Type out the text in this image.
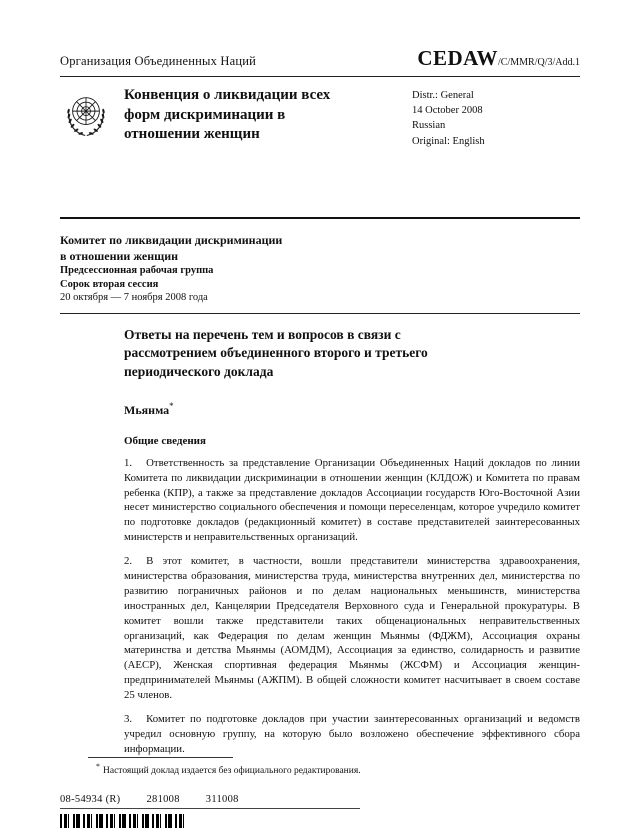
Организация Объединенных Наций	CEDAW/C/MMR/Q/3/Add.1
Конвенция о ликвидации всех форм дискриминации в отношении женщин
Distr.: General
14 October 2008
Russian
Original: English
Комитет по ликвидации дискриминации
в отношении женщин
Предсессионная рабочая группа
Сорок вторая сессия
20 октября — 7 ноября 2008 года
Ответы на перечень тем и вопросов в связи с рассмотрением объединенного второго и третьего периодического доклада

Мьянма*

Общие сведения

1. Ответственность за представление Организации Объединенных Наций докладов по линии Комитета по ликвидации дискриминации в отношении женщин (КЛДОЖ) и Комитета по правам ребенка (КПР), а также за представление докладов Ассоциации государств Юго-Восточной Азии несет министерство социального обеспечения и помощи переселенцам, которое учредило комитет по подготовке докладов (редакционный комитет) в составе представителей заинтересованных министерств и неправительственных организаций.

2. В этот комитет, в частности, вошли представители министерства здравоохранения, министерства образования, министерства труда, министерства внутренних дел, министерства по развитию пограничных районов и по делам национальных меньшинств, министерства иностранных дел, Канцелярии Председателя Верховного суда и Генеральной прокуратуры. В комитет вошли также представители таких общенациональных неправительственных организаций, как Федерация по делам женщин Мьянмы (ФДЖМ), Ассоциация охраны материнства и детства Мьянмы (АОМДМ), Ассоциация за единство, солидарность и развитие (АЕСР), Женская спортивная федерация Мьянмы (ЖСФМ) и Ассоциация женщин-предпринимателей Мьянмы (АЖПМ). В общей сложности комитет насчитывает в своем составе 25 членов.

3. Комитет по подготовке докладов при участии заинтересованных организаций и ведомств учредил основную группу, на которую было возложено обеспечение эффективного сбора информации.

* Настоящий доклад издается без официального редактирования.

08-54934 (R) 281008 311008
